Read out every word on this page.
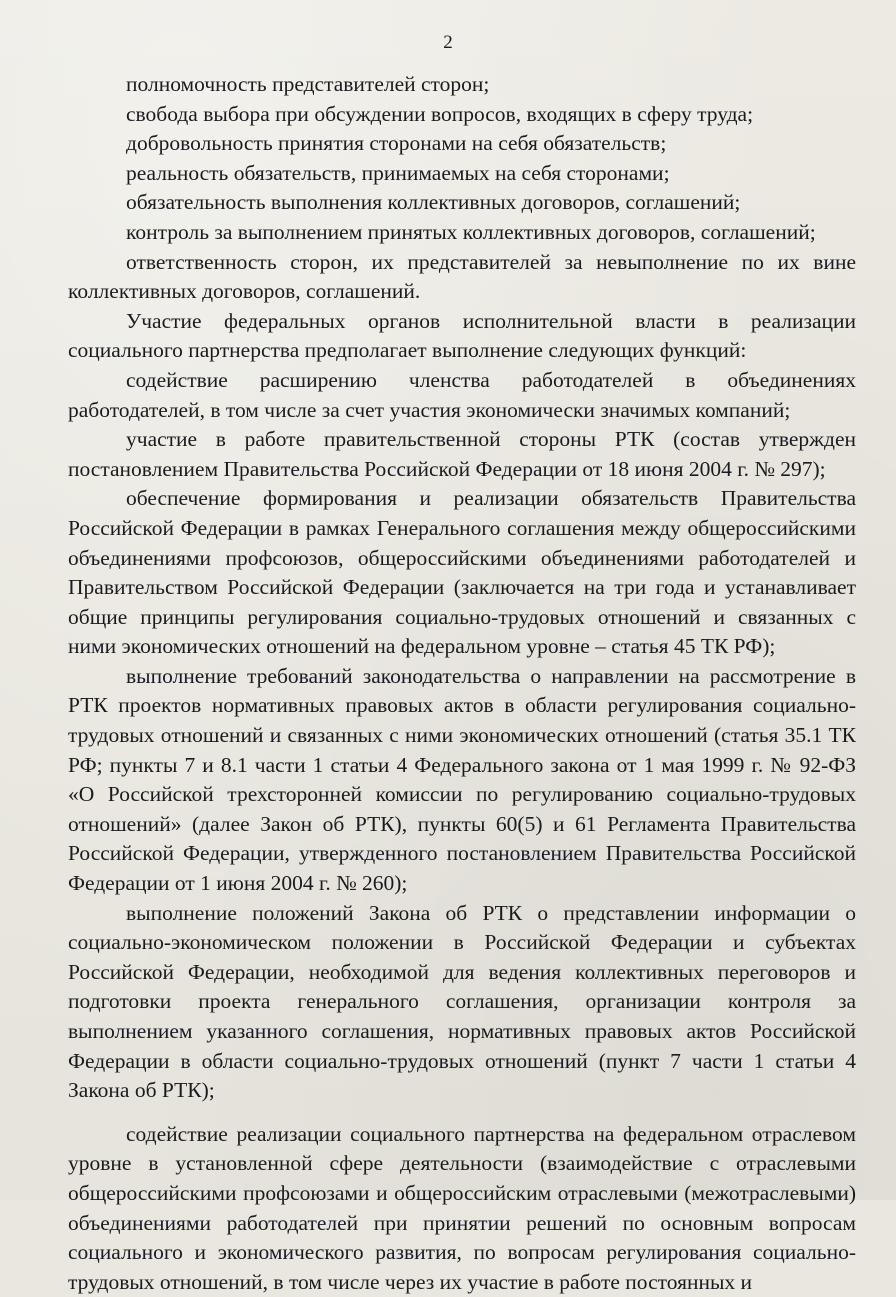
2

полномочность представителей сторон;

свобода выбора при обсуждении вопросов, входящих в сферу труда;

добровольность принятия сторонами на себя обязательств;

реальность обязательств, принимаемых на себя сторонами;

обязательность выполнения коллективных договоров, соглашений;

контроль за выполнением принятых коллективных договоров, соглашений;

ответственность сторон, их представителей за невыполнение по их вине коллективных договоров, соглашений.

Участие федеральных органов исполнительной власти в реализации социального партнерства предполагает выполнение следующих функций:

содействие расширению членства работодателей в объединениях работодателей, в том числе за счет участия экономически значимых компаний;

участие в работе правительственной стороны РТК (состав утвержден постановлением Правительства Российской Федерации от 18 июня 2004 г. № 297);

обеспечение формирования и реализации обязательств Правительства Российской Федерации в рамках Генерального соглашения между общероссийскими объединениями профсоюзов, общероссийскими объединениями работодателей и Правительством Российской Федерации (заключается на три года и устанавливает общие принципы регулирования социально-трудовых отношений и связанных с ними экономических отношений на федеральном уровне – статья 45 ТК РФ);

выполнение требований законодательства о направлении на рассмотрение в РТК проектов нормативных правовых актов в области регулирования социально-трудовых отношений и связанных с ними экономических отношений (статья 35.1 ТК РФ; пункты 7 и 8.1 части 1 статьи 4 Федерального закона от 1 мая 1999 г. № 92-ФЗ «О Российской трехсторонней комиссии по регулированию социально-трудовых отношений» (далее Закон об РТК), пункты 60(5) и 61 Регламента Правительства Российской Федерации, утвержденного постановлением Правительства Российской Федерации от 1 июня 2004 г. № 260);

выполнение положений Закона об РТК о представлении информации о социально-экономическом положении в Российской Федерации и субъектах Российской Федерации, необходимой для ведения коллективных переговоров и подготовки проекта генерального соглашения, организации контроля за выполнением указанного соглашения, нормативных правовых актов Российской Федерации в области социально-трудовых отношений (пункт 7 части 1 статьи 4 Закона об РТК);

содействие реализации социального партнерства на федеральном отраслевом уровне в установленной сфере деятельности (взаимодействие с отраслевыми общероссийскими профсоюзами и общероссийским отраслевыми (межотраслевыми) объединениями работодателей при принятии решений по основным вопросам социального и экономического развития, по вопросам регулирования социально-трудовых отношений, в том числе через их участие в работе постоянных и
